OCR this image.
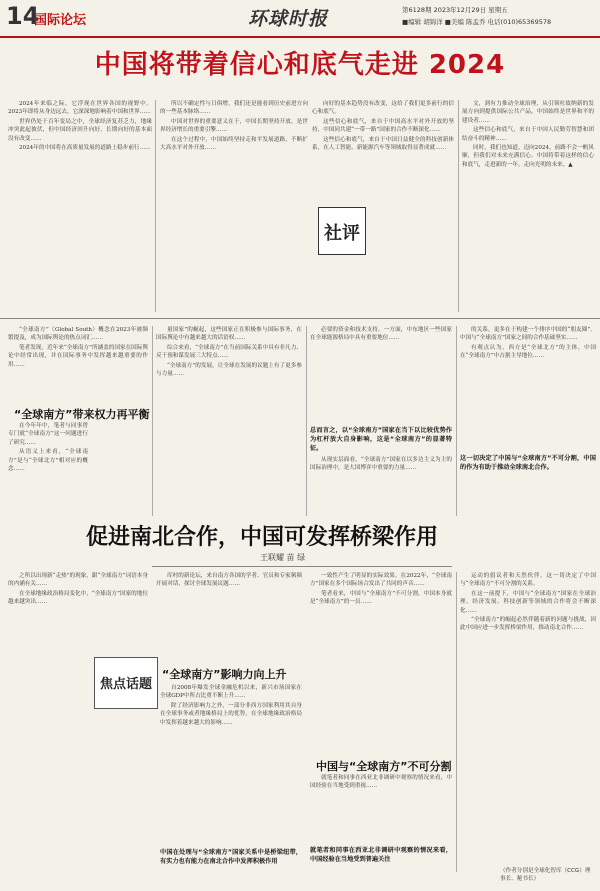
14
国际论坛	环球时报	第6128期 2023年12月29日 星期五
■编辑 胡锦洋 ■美编 陈孟乔 电话(010)65369578
中国将带着信心和底气走进 2024

2024年来临之际，它浮现在世界各国的视野中。2023年即将从身边远去，它深深地影响着中国和世界……

世界仍处于百年变局之中，全球经济复苏乏力，地缘冲突此起彼伏，但中国经济回升向好、长期向好的基本面没有改变……

2024年的中国将在高质量发展的道路上稳步前行……

所以不确定性与日俱增，我们还是能看到历史前进方向的一些基本脉络……

中国对世界的重要意义在于，中国长期坚持开放，是世界经济增长的重要引擎……

在这个过程中，中国始终坚持走和平发展道路，不断扩大高水平对外开放……

社评

向好的基本趋势没有改变，这给了我们更多前行的信心和底气。

这些信心和底气，来自于中国高水平对外开放的坚持，中国同共建“一带一路”国家的合作不断深化……

这些信心和底气，来自于中国日益健全的科技创新体系，在人工智能、新能源汽车等领域取得显著成就……

文，到有力推动全球治理，从引领吐故纳新的发展方向到提供国际公共产品，中国始终是世界和平的建设者……

这些信心和底气，来自于中国人民勤劳智慧和团结奋斗的精神……

同时，我们也知道，迈向2024，前路不会一帆风顺，但我们对未来充满信心。中国将带着这样的信心和底气，走进新的一年，走向光明的未来。▲

“全球南方”（Global South）概念在2023年被频繁提及，成为国际舆论的热点词汇……

笔者发现，近年来“全球南方”所涵盖的国家在国际舆论中经常出现，并在国际事务中发挥越来越重要的作用……

“全球南方”带来权力再平衡

在今年年中，笔者与同事曾专门就“全球南方”这一问题进行了研究……

从语义上来看，“全球南方”是与“全球北方”相对应的概念……

之所以出现新“走热”的现象，跟“全球南方”词语本身的内涵有关……

在全球地缘政治格局变化中，“全球南方”国家的地位越来越突出……

量国家”的崛起，这些国家正在积极参与国际事务，在国际舆论中有越来越大的话语权……

综合来看，“全球南方”在当前国际关系中具有非凡力、反干预和谋发展三大特点……

“全球南方”的发展，让全球在发展的议题上有了更多参与力量……

必要的资金和技术支持。一方面，中东地区一些国家在全球能源格局中具有重要地位……

总而言之，以“全球南方”国家在当下以比较优势作为杠杆放大自身影响，这是“全球南方”的显著特征。

从现实层面看，“全球南方”国家在以多边主义为主的国际治理中，是大国博弈中重要的力量……

的关系，更多在于构建一个排序中国的“朋友圈”。中国与“全球南方”国家之间的合作基础坚实……

有观点认为，西方是“全球北方”的主体，中国在“全球南方”中占据主导地位……

这一切决定了中国与“全球南方”不可分割，中国的作为有助于推动全球南北合作。
促进南北合作，中国可发挥桥梁作用
王联耀 苗 绿

库村的新论坛，来自南方各国的学者、官员和专家频频开展对话，探讨全球发展议题……

“全球南方”影响力向上升
焦点话题	自2008年爆发全球金融危机以来，新兴市场国家在全球GDP中所占比重不断上升……

除了经济影响力之外，一部分非西方国家利用其自身在全球事务或者地缘格局上的优势，在全球地缘政治格局中发挥着越来越大的影响……

一致性产生了明显的实际效果。在2022年，“全球南方”国家在多个国际场合发出了共同的声音……

笔者看来，中国与“全球南方”不可分割，中国本身就是“全球南方”的一员……

中国与“全球南方”不可分割

就笔者和同事在西亚北非调研中观察的情况来看，中国经验在当地受到重视……

就笔者和同事在西亚北非调研中观察的情况来看，中国经验在当地受到普遍关注
中国在处理与“全球南方”国家关系中是桥梁纽带，有实力也有能力在南北合作中发挥积极作用

运动的倡议者和天然伙伴，这一切决定了中国与“全球南方”不可分割的关系。

在这一前提下，中国与“全球南方”国家在全球治理、经济发展、科技创新等领域的合作将会不断深化……

“全球南方”的崛起必然伴随着新的问题与挑战，因此中国应进一步发挥桥梁作用，推动南北合作……

（作者分别是全球化智库（CCG）理事长、秘书长）
